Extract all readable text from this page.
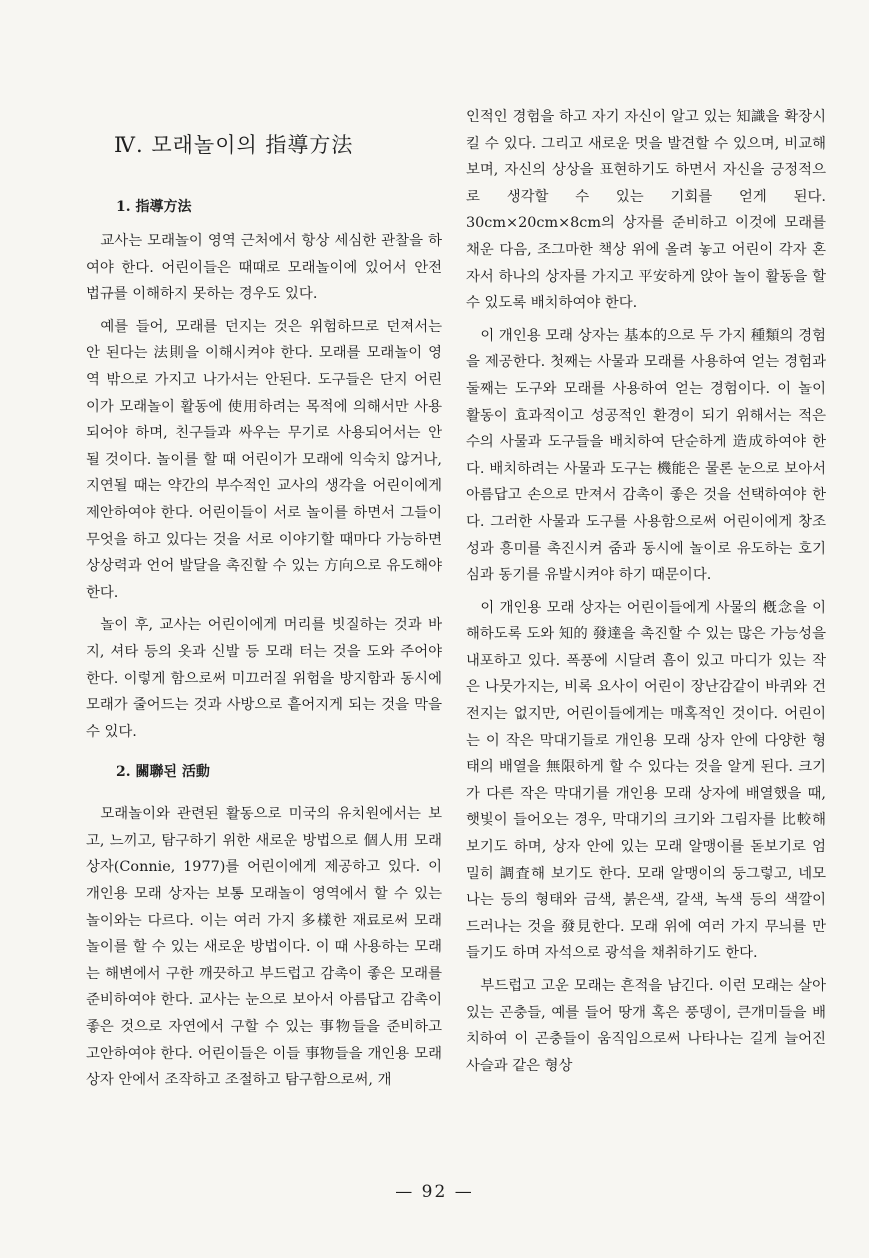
Ⅳ. 모래놀이의 指導方法
1. 指導方法

교사는 모래놀이 영역 근처에서 항상 세심한 관찰을 하여야 한다. 어린이들은 때때로 모래놀이에 있어서 안전 법규를 이해하지 못하는 경우도 있다.

예를 들어, 모래를 던지는 것은 위험하므로 던져서는 안 된다는 法則을 이해시켜야 한다. 모래를 모래놀이 영역 밖으로 가지고 나가서는 안된다. 도구들은 단지 어린이가 모래놀이 활동에 使用하려는 목적에 의해서만 사용되어야 하며, 친구들과 싸우는 무기로 사용되어서는 안 될 것이다. 놀이를 할 때 어린이가 모래에 익숙치 않거나, 지연될 때는 약간의 부수적인 교사의 생각을 어린이에게 제안하여야 한다. 어린이들이 서로 놀이를 하면서 그들이 무엇을 하고 있다는 것을 서로 이야기할 때마다 가능하면 상상력과 언어 발달을 촉진할 수 있는 方向으로 유도해야 한다.

놀이 후, 교사는 어린이에게 머리를 빗질하는 것과 바지, 셔타 등의 옷과 신발 등 모래 터는 것을 도와 주어야 한다. 이렇게 함으로써 미끄러질 위험을 방지함과 동시에 모래가 줄어드는 것과 사방으로 흩어지게 되는 것을 막을 수 있다.

2. 關聯된 活動

모래놀이와 관련된 활동으로 미국의 유치원에서는 보고, 느끼고, 탐구하기 위한 새로운 방법으로 個人用 모래 상자(Connie, 1977)를 어린이에게 제공하고 있다. 이 개인용 모래 상자는 보통 모래놀이 영역에서 할 수 있는 놀이와는 다르다. 이는 여러 가지 多樣한 재료로써 모래놀이를 할 수 있는 새로운 방법이다. 이 때 사용하는 모래는 해변에서 구한 깨끗하고 부드럽고 감촉이 좋은 모래를 준비하여야 한다. 교사는 눈으로 보아서 아름답고 감촉이 좋은 것으로 자연에서 구할 수 있는 事物들을 준비하고 고안하여야 한다. 어린이들은 이들 事物들을 개인용 모래상자 안에서 조작하고 조절하고 탐구함으로써, 개

인적인 경험을 하고 자기 자신이 알고 있는 知識을 확장시킬 수 있다. 그리고 새로운 멋을 발견할 수 있으며, 비교해 보며, 자신의 상상을 표현하기도 하면서 자신을 긍정적으로 생각할 수 있는 기회를 얻게 된다. 30cm×20cm×8cm의 상자를 준비하고 이것에 모래를 채운 다음, 조그마한 책상 위에 올려 놓고 어린이 각자 혼자서 하나의 상자를 가지고 平安하게 앉아 놀이 활동을 할 수 있도록 배치하여야 한다.

이 개인용 모래 상자는 基本的으로 두 가지 種類의 경험을 제공한다. 첫째는 사물과 모래를 사용하여 얻는 경험과 둘째는 도구와 모래를 사용하여 얻는 경험이다. 이 놀이 활동이 효과적이고 성공적인 환경이 되기 위해서는 적은 수의 사물과 도구들을 배치하여 단순하게 造成하여야 한다. 배치하려는 사물과 도구는 機能은 물론 눈으로 보아서 아름답고 손으로 만져서 감촉이 좋은 것을 선택하여야 한다. 그러한 사물과 도구를 사용함으로써 어린이에게 창조성과 흥미를 촉진시켜 줌과 동시에 놀이로 유도하는 호기심과 동기를 유발시켜야 하기 때문이다.

이 개인용 모래 상자는 어린이들에게 사물의 槪念을 이해하도록 도와 知的 發達을 촉진할 수 있는 많은 가능성을 내포하고 있다. 폭풍에 시달려 흠이 있고 마디가 있는 작은 나뭇가지는, 비록 요사이 어린이 장난감같이 바퀴와 건전지는 없지만, 어린이들에게는 매혹적인 것이다. 어린이는 이 작은 막대기들로 개인용 모래 상자 안에 다양한 형태의 배열을 無限하게 할 수 있다는 것을 알게 된다. 크기가 다른 작은 막대기를 개인용 모래 상자에 배열했을 때, 햇빛이 들어오는 경우, 막대기의 크기와 그림자를 比較해 보기도 하며, 상자 안에 있는 모래 알맹이를 돋보기로 엄밀히 調査해 보기도 한다. 모래 알맹이의 둥그렇고, 네모나는 등의 형태와 금색, 붉은색, 갈색, 녹색 등의 색깔이 드러나는 것을 發見한다. 모래 위에 여러 가지 무늬를 만들기도 하며 자석으로 광석을 채취하기도 한다.

부드럽고 고운 모래는 흔적을 남긴다. 이런 모래는 살아 있는 곤충들, 예를 들어 땅개 혹은 풍뎅이, 큰개미들을 배치하여 이 곤충들이 움직임으로써 나타나는 길게 늘어진 사슬과 같은 형상

— 92 —
